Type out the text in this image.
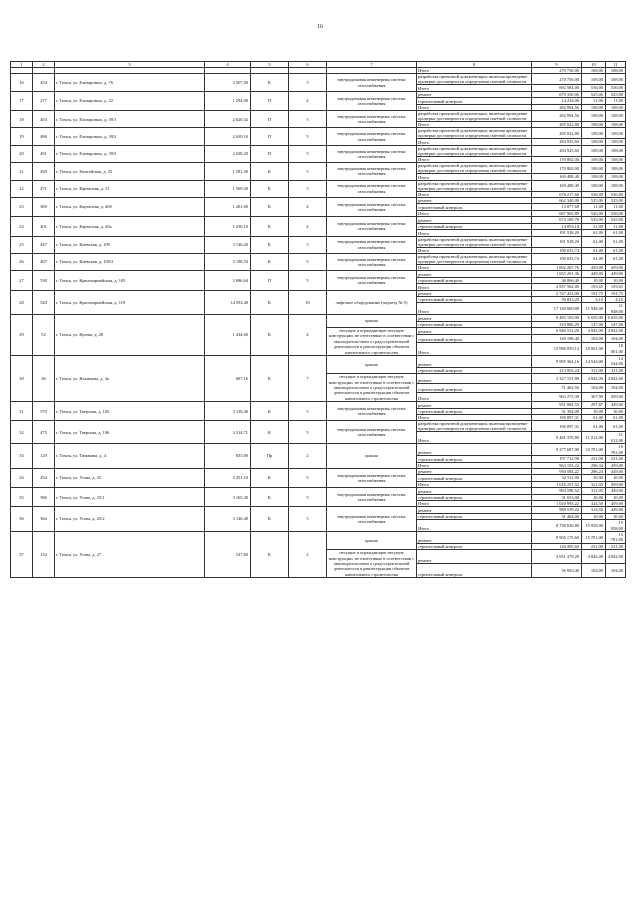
16
1	2	3	4	5	6	7	8	9	10	11
							Итого	270 756,00	108,00	108,00
16	454	г. Томск, ул. Елизаровых, д. 76	3 507,00	К	5	внутридомовая инженерная система газоснабжения	разработка проектной документации, включая проведение проверки достоверности определения сметной стоимости	270 756,00	108,00	108,00
							Итого	692 584,00	536,00	536,00
17	277	г. Томск, ул. Елизаровых, д. 32	1 294,00	П	4	внутридомовая инженерная система газоснабжения	ремонт	679 350,00	525,00	525,00
							строительный контроль	14 234,00	11,00	11,00
							Итого	282 994,56	108,00	108,00
18	403	г. Томск, ул. Елизаровых, д. 39/1	2 620,32	П	5	внутридомовая инженерная система газоснабжения	разработка проектной документации, включая проведение проверки достоверности определения сметной стоимости	282 994,56	108,00	108,00
							Итого	285 022,80	108,00	108,00
19	486	г. Томск, ул. Елизаровых, д. 39/2	2 639,10	П	5	внутридомовая инженерная система газоснабжения	разработка проектной документации, включая проведение проверки достоверности определения сметной стоимости	285 022,80	108,00	108,00
							Итого	284 925,60	108,00	108,00
20	491	г. Томск, ул. Елизаровых, д. 39/3	2 638,20	П	5	внутридомовая инженерная система газоснабжения	разработка проектной документации, включая проведение проверки достоверности определения сметной стоимости	284 925,60	108,00	108,00
							Итого	170 802,00	108,00	108,00
21	490	г. Томск, ул. Енисейская, д. 25	1 581,50	К	5	внутридомовая инженерная система газоснабжения	разработка проектной документации, включая проведение проверки достоверности определения сметной стоимости	170 802,00	108,00	108,00
							Итого	169 488,40	108,00	108,00
22	471	г. Томск, ул. Картасная, д. 31	1 569,30	К	5	внутридомовая инженерная система газоснабжения	разработка проектной документации, включая проведение проверки достоверности определения сметной стоимости	169 488,40	108,00	108,00
							Итого	676 217,60	536,00	536,00
23	369	г. Томск, ул. Картасная, д. 40б	1 261,60	К	4	внутридомовая инженерная система газоснабжения	ремонт	662 340,00	525,00	525,00
							строительный контроль	13 877,60	11,00	11,00
							Итого	687 965,89	546,00	536,00
24	401	г. Томск, ул. Картасная, д. 40а	1 250,10	К	4	внутридомовая инженерная система газоснабжения	ремонт	673 109,79	535,00	525,00
							строительный контроль	14 853,10	11,00	11,00
							Итого	191 918,20	61,00	61,00
25	447	г. Томск, ул. Киевская, д. 109	3 146,20	К	5	внутридомовая инженерная система газоснабжения	разработка проектной документации, включая проведение проверки достоверности определения сметной стоимости	191 918,20	61,00	61,00
							Итого	190 633,74	61,00	61,00
26	487	г. Томск, ул. Киевская, д. 109/2	3 190,54	К	5	внутридомовая инженерная система газоснабжения	разработка проектной документации, включая проведение проверки достоверности определения сметной стоимости	190 633,74	61,00	61,00
							Итого	1 692 267,76	459,00	459,00
27	530	г. Томск, ул. Красноармейская, д. 105	3 686,64	П	5	внутридомовая инженерная система газоснабжения	ремонт	1 655 201,36	449,00	449,00
							строительный контроль	36 866,40	10,00	10,00
							Итого	2 837 562,00	193,65	193,65
28	520	г. Томск, ул. Красноармейская, д. 119	14 592,40	К	10	лифтовое оборудование (подъезд № 5)	ремонт	2 747 431,00	191,75	191,75
							строительный контроль	59 833,20	4,10	4,10
							Итого	17 140 600,80	11 948,00	11 948,00
29	52	г. Томск, ул. Кулева, д. 28	1 434,60	К	4	крыша	ремонт	9 485 103,00	6 655,00	6 655,00
							строительный контроль	210 886,29	147,00	147,00
						несущие и ограждающие несущие конструкции, не отнесенные в соответствии с законодательством о градостроительной деятельности к реконструкции объектов капитального строительства	ремонт	6 946 531,20	4 842,00	4 842,00
							строительный контроль	149 198,40	104,00	104,00
							Итого	15 096 059,14	18 001,00	18 001,00
30	36	г. Томск, ул. Нахимова, д. 4а	687,16	К	7	крыша	ремонт	9 995 364,16	14 544,00	14 544,00
							строительный контроль	213 903,24	311,00	311,00
						несущие и ограждающие несущие конструкции, не отнесенные в соответствии с законодательством о градостроительной деятельности к реконструкции объектов капитального строительства	ремонт	3 327 151,88	4 842,00	4 842,00
							строительный контроль	71 462,56	104,00	104,00
							Итого	963 275,39	307,90	459,00
31	570	г. Томск, ул. Тверская, д. 105	3 139,40	К	5	внутридомовая инженерная система газоснабжения	ремонт	931 884,55	297,87	449,00
							строительный контроль	31 394,00	10,00	10,00
							Итого	196 097,31	61,00	61,00
32	475	г. Томск, ул. Тверская, д. 106	3 214,71	К	5	внутридомовая инженерная система газоснабжения	разработка проектной документации, включая проведение проверки достоверности определения сметной стоимости	196 097,31	61,00	61,00
							Итого	9 481 370,80	11 012,00	11 012,00
33	129	г. Томск, ул. Тимакова, д. 4	835,90	Пр	2	крыша	ремонт	9 277 687,90	10 781,00	10 781,00
							строительный контроль	197 712,90	231,00	231,00
							Итого	963 103,22	296,34	459,00
34	454	г. Томск, ул. Усова, д. 25	3 251,10	К	5	внутридомовая инженерная система газоснабжения	ремонт	930 584,22	286,24	449,00
							строительный контроль	32 511,00	10,00	10,00
							Итого	1 016 251,52	321,05	459,00
35	586	г. Томск, ул. Усова, д. 25/1	3 165,30	К	5	внутридомовая инженерная система газоснабжения	ремонт	984 598,52	311,05	449,00
							строительный контроль	31 653,00	10,00	10,00
							Итого	1 020 995,22	324,50	459,00
36	364	г. Томск, ул. Усова, д. 25/2	3 146,40	К	5	внутридомовая инженерная система газоснабжения	ремонт	989 539,22	314,50	449,00
							строительный контроль	31 464,00	10,00	10,00
							Итого	8 758 630,80	15 958,00	15 958,00
37	132	г. Томск, ул. Усова, д. 27	547,60	К	2	крыша	ремонт	8 905 175,60	15 781,00	15 781,00
							строительный контроль	126 495,60	231,00	231,00
						несущие и ограждающие несущие конструкции, не отнесенные в соответствии с законодательством о градостроительной деятельности к реконструкции объектов капитального строительства	ремонт	2 651 479,20	4 842,00	4 842,00
							строительный контроль	56 950,40	104,00	104,00
